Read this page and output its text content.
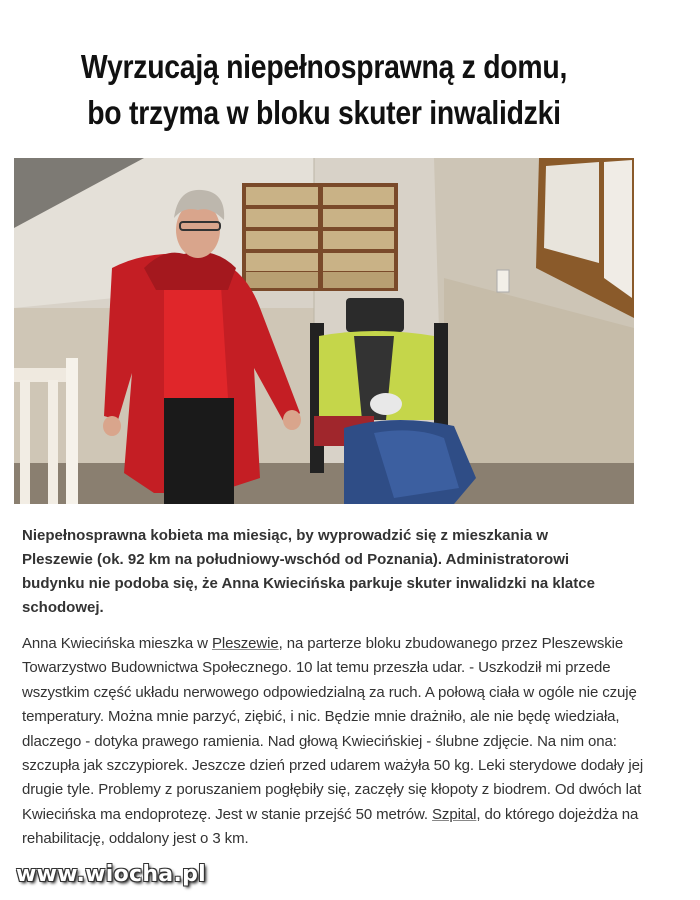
Wyrzucają niepełnosprawną z domu,
bo trzyma w bloku skuter inwalidzki

Niepełnosprawna kobieta ma miesiąc, by wyprowadzić się z mieszkania w Pleszewie (ok. 92 km na południowy-wschód od Poznania). Administratorowi budynku nie podoba się, że Anna Kwiecińska parkuje skuter inwalidzki na klatce schodowej.

Anna Kwiecińska mieszka w Pleszewie, na parterze bloku zbudowanego przez Pleszewskie Towarzystwo Budownictwa Społecznego. 10 lat temu przeszła udar. - Uszkodził mi przede wszystkim część układu nerwowego odpowiedzialną za ruch. A połową ciała w ogóle nie czuję temperatury. Można mnie parzyć, ziębić, i nic. Będzie mnie drażniło, ale nie będę wiedziała, dlaczego - dotyka prawego ramienia. Nad głową Kwiecińskiej - ślubne zdjęcie. Na nim ona: szczupła jak szczypiorek. Jeszcze dzień przed udarem ważyła 50 kg. Leki sterydowe dodały jej drugie tyle. Problemy z poruszaniem pogłębiły się, zaczęły się kłopoty z biodrem. Od dwóch lat Kwiecińska ma endoprotezę. Jest w stanie przejść 50 metrów. Szpital, do którego dojeżdża na rehabilitację, oddalony jest o 3 km.

www.wiocha.pl
